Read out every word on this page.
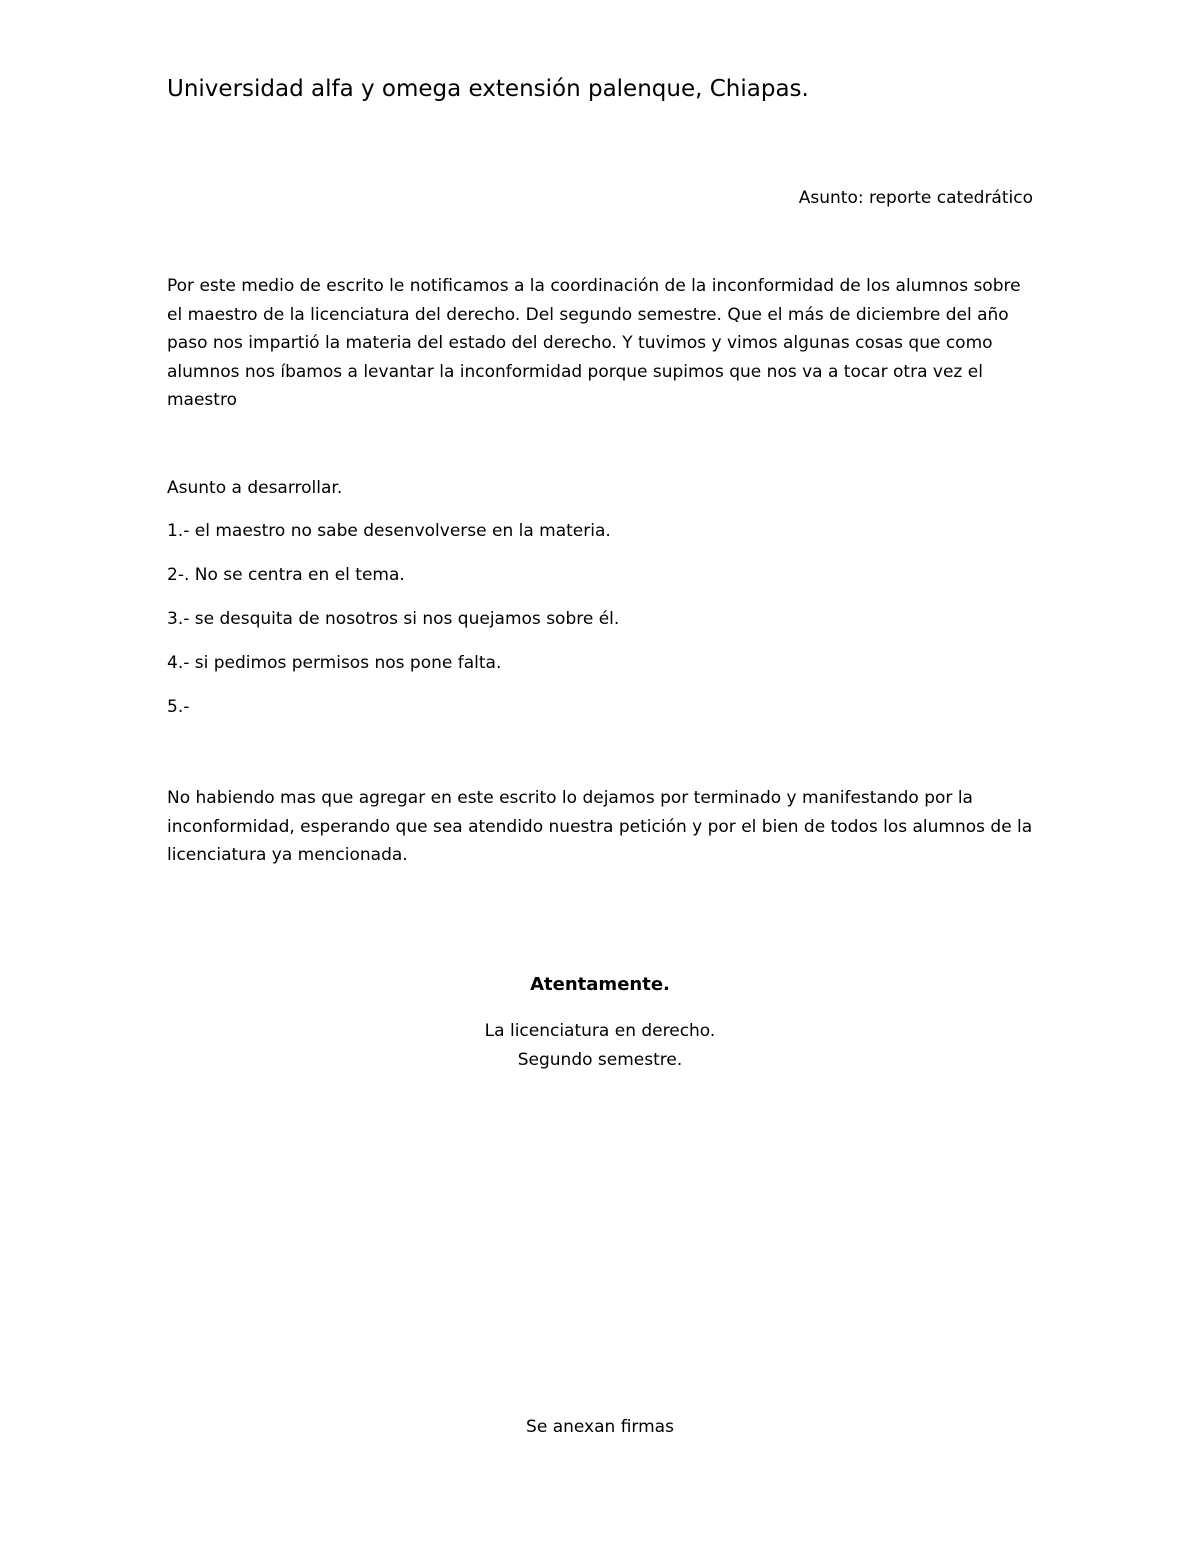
Universidad alfa y omega extensión palenque, Chiapas.

Asunto: reporte catedrático

Por este medio de escrito le notificamos a la coordinación de la inconformidad de los alumnos sobre el maestro de la licenciatura del derecho. Del segundo semestre. Que el más de diciembre del año paso nos impartió la materia del estado del derecho. Y tuvimos y vimos algunas cosas que como alumnos nos íbamos a levantar la inconformidad porque supimos que nos va a tocar otra vez el maestro

Asunto a desarrollar.

1.- el maestro no sabe desenvolverse en la materia.
2-. No se centra en el tema.
3.- se desquita de nosotros si nos quejamos sobre él.
4.- si pedimos permisos nos pone falta.
5.-

No habiendo mas que agregar en este escrito lo dejamos por terminado y manifestando por la inconformidad, esperando que sea atendido nuestra petición y por el bien de todos los alumnos de la licenciatura ya mencionada.

Atentamente.

La licenciatura en derecho.
Segundo semestre.

Se anexan firmas
